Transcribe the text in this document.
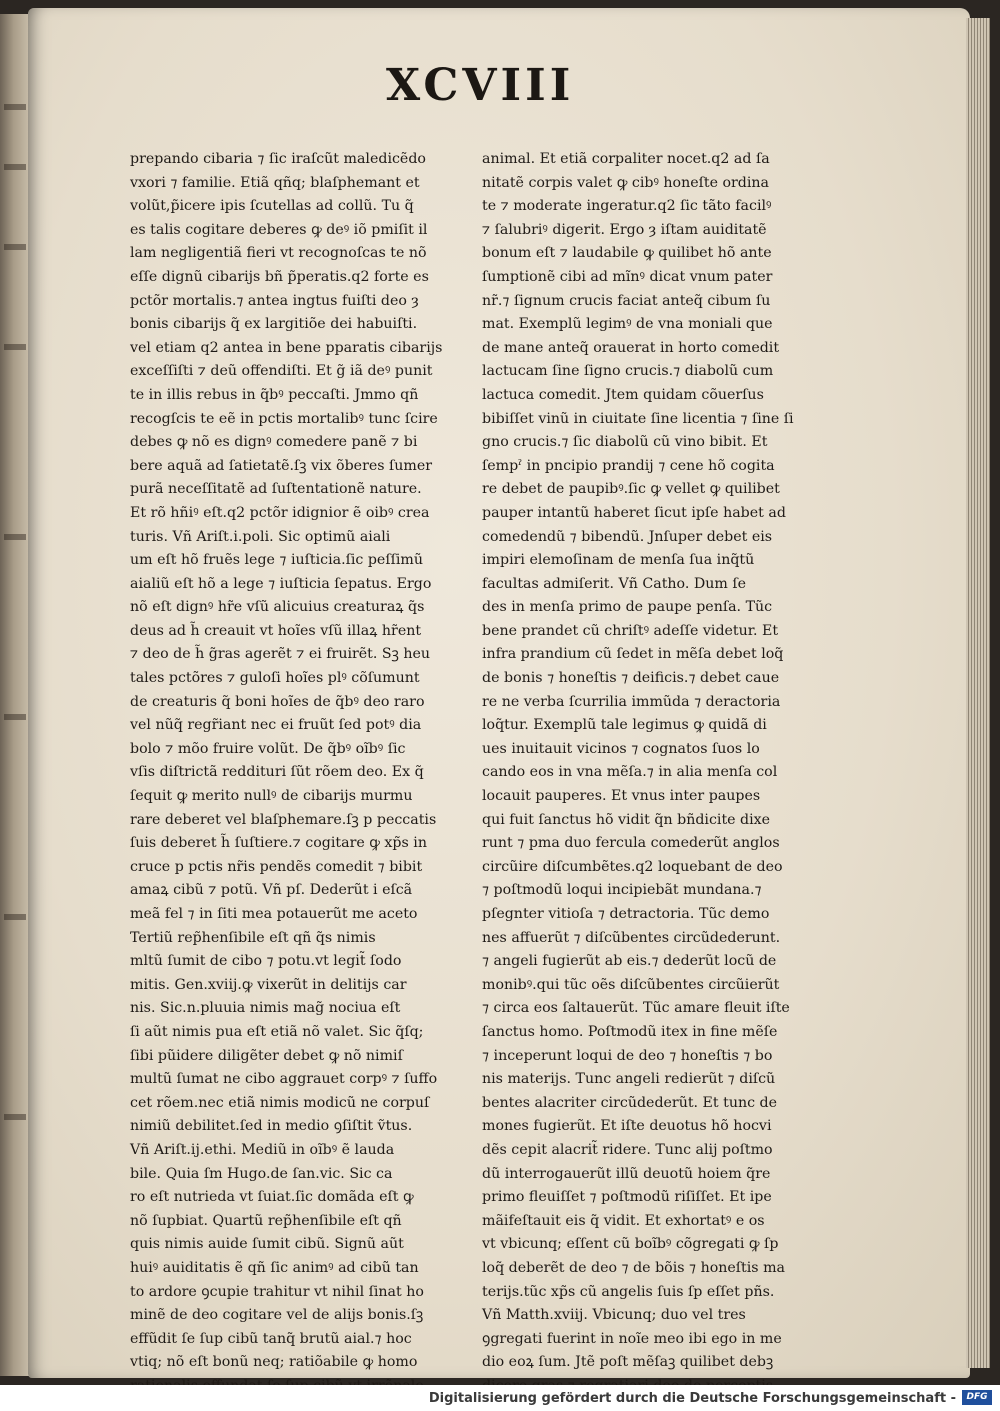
XCVIII
prepando cibaria ⁊ ſic iraſcũt maledicẽdo
vxori ⁊ familie. Etiã qñq; blaſphemant et
volũt,p̃icere ipis ſcutellas ad collũ. Tu q̃
es talis cogitare deberes ꝙ deꝰ iõ pmiſit il
lam negligentiã fieri vt recognoſcas te nõ
eſſe dignũ cibarijs bñ p̃peratis.q2 forte es
pctõr mortalis.⁊ antea ingtus fuiſti deo ȝ
bonis cibarijs q̃ ex largitiõe dei habuiſti.
vel etiam q2 antea in bene pparatis cibarijs
exceſſiſti ⁊ deũ offendiſti. Et g̃ iã deꝰ punit
te in illis rebus in q̃bꝰ peccaſti. Jmmo qñ
recogſcis te eẽ in pctis mortalibꝰ tunc ſcire
debes ꝙ nõ es dignꝰ comedere panẽ ⁊ bi
bere aquã ad ſatietatẽ.ſꝫ vix õberes ſumer
purã neceſſitatẽ ad ſuſtentationẽ nature.
Et rõ hñiꝰ eſt.q2 pctõr idignior ẽ oibꝰ crea
turis. Vñ Ariſt.i.poli. Sic optimũ aiali
um eſt hõ fruẽs lege ⁊ iuſticia.ſic peſſimũ
aialiũ eſt hõ a lege ⁊ iuſticia ſepatus. Ergo
nõ eſt dignꝰ hr̃e vſũ alicuius creaturaꝝ q̃s
deus ad h̃ creauit vt hoĩes vſũ illaꝝ hr̃ent
⁊ deo de h̃ g̃ras agerẽt ⁊ ei fruirẽt. Sꝫ heu
tales pctõres ⁊ guloſi hoĩes plꝰ cõſumunt
de creaturis q̃ boni hoĩes de q̃bꝰ deo raro
vel nũq̃ regr̃iant nec ei fruũt ſed potꝰ dia
bolo ⁊ mõo fruire volũt. De q̃bꝰ oĩbꝰ ſic
vſis diſtrictã reddituri ſũt rõem deo. Ex q̃
ſequit ꝙ merito nullꝰ de cibarijs murmu
rare deberet vel blaſphemare.ſꝫ p peccatis
ſuis deberet h̃ ſuſtiere.⁊ cogitare ꝙ xp̃s in
cruce p pctis nr̃is pendẽs comedit ⁊ bibit
amaꝝ cibũ ⁊ potũ. Vñ pſ. Dederũt i eſcã
meã fel ⁊ in ſiti mea potauerũt me aceto
Tertiũ rep̃henſibile eſt qñ q̃s nimis
mltũ ſumit de cibo ⁊ potu.vt legit̃ ſodo
mitis. Gen.xviij.ꝙ vixerũt in delitijs car
nis. Sic.n.pluuia nimis mag̃ nociua eſt
ſi aũt nimis pua eſt etiã nõ valet. Sic q̃ſq;
ſibi pũidere diligẽter debet ꝙ nõ nimiſ
multũ ſumat ne cibo aggrauet corpꝰ ⁊ ſuffo
cet rõem.nec etiã nimis modicũ ne corpuſ
nimiũ debilitet.ſed in medio ꝯſiſtit ṽtus.
Vñ Ariſt.ij.ethi. Mediũ in oĩbꝰ ẽ lauda
bile. Quia ſm Hugo.de ſan.vic. Sic ca
ro eſt nutrieda vt ſuiat.ſic domãda eſt ꝙ
nõ ſupbiat. Quartũ rep̃henſibile eſt qñ
quis nimis auide ſumit cibũ. Signũ aũt
huiꝰ auiditatis ẽ qñ ſic animꝰ ad cibũ tan
to ardore ꝯcupie trahitur vt nihil ſinat ho
minẽ de deo cogitare vel de alijs bonis.ſꝫ
effũdit ſe ſup cibũ tanq̃ brutũ aial.⁊ hoc
vtiq; nõ eſt bonũ neq; ratiõabile ꝙ homo
animal. Et etiã corpaliter nocet.q2 ad ſa
nitatẽ corpis valet ꝙ cibꝰ honeſte ordina
te ⁊ moderate ingeratur.q2 ſic tãto facilꝰ
⁊ ſalubriꝰ digerit. Ergo ȝ iſtam auiditatẽ
bonum eſt ⁊ laudabile ꝙ quilibet hõ ante
ſumptionẽ cibi ad mĩnꝰ dicat vnum pater
nr̃.⁊ ſignum crucis faciat anteq̃ cibum ſu
mat. Exemplũ legimꝰ de vna moniali que
de mane anteq̃ orauerat in horto comedit
lactucam ſine ſigno crucis.⁊ diabolũ cum
lactuca comedit. Jtem quidam cõuerſus
bibiſſet vinũ in ciuitate ſine licentia ⁊ ſine ſi
gno crucis.⁊ ſic diabolũ cũ vino bibit. Et
ſempˀ in pncipio prandij ⁊ cene hõ cogita
re debet de paupibꝰ.ſic ꝙ vellet ꝙ quilibet
pauper intantũ haberet ſicut ipſe habet ad
comedendũ ⁊ bibendũ. Jnſuper debet eis
impiri elemoſinam de menſa ſua inq̃tũ
facultas admiſerit. Vñ Catho. Dum ſe
des in menſa primo de paupe penſa. Tũc
bene prandet cũ chriſtꝰ adeſſe videtur. Et
infra prandium cũ ſedet in mẽſa debet loq̃
de bonis ⁊ honeſtis ⁊ deificis.⁊ debet caue
re ne verba ſcurrilia immũda ⁊ deractoria
loq̃tur. Exemplũ tale legimus ꝙ quidã di
ues inuitauit vicinos ⁊ cognatos ſuos lo
cando eos in vna mẽſa.⁊ in alia menſa col
locauit pauperes. Et vnus inter paupes
qui fuit ſanctus hõ vidit q̃n bñdicite dixe
runt ⁊ pma duo fercula comederũt anglos
circũire diſcumbẽtes.q2 loquebant de deo
⁊ poſtmodũ loqui incipiebãt mundana.⁊
pſegnter vitioſa ⁊ detractoria. Tũc demo
nes affuerũt ⁊ diſcũbentes circũdederunt.
⁊ angeli fugierũt ab eis.⁊ dederũt locũ de
monibꝰ.qui tũc oẽs diſcũbentes circũierũt
⁊ circa eos ſaltauerũt. Tũc amare fleuit iſte
ſanctus homo. Poſtmodũ itex in fine mẽſe
⁊ inceperunt loqui de deo ⁊ honeſtis ⁊ bo
nis materijs. Tunc angeli redierũt ⁊ diſcũ
bentes alacriter circũdederũt. Et tunc de
mones fugierũt. Et iſte deuotus hõ hocvi
dẽs cepit alacrit̃ ridere. Tunc alij poſtmo
dũ interrogauerũt illũ deuotũ hoiem q̃re
primo fleuiſſet ⁊ poſtmodũ riſiſſet. Et ipe
mãifeſtauit eis q̃ vidit. Et exhortatꝰ e os
vt vbicunq; eſſent cũ boĩbꝰ cõgregati ꝙ ſp
loq̃ deberẽt de deo ⁊ de bõis ⁊ honeſtis ma
terijs.tũc xp̃s cũ angelis ſuis ſp eſſet pñs.
Vñ Matth.xviij. Vbicunq; duo vel tres
ꝯgregati fuerint in noĩe meo ibi ego in me
dio eoꝝ ſum. Jtẽ poſt mẽſaꝫ quilibet debꝫ
Digitalisierung gefördert durch die Deutsche Forschungsgemeinschaft -	DFG
